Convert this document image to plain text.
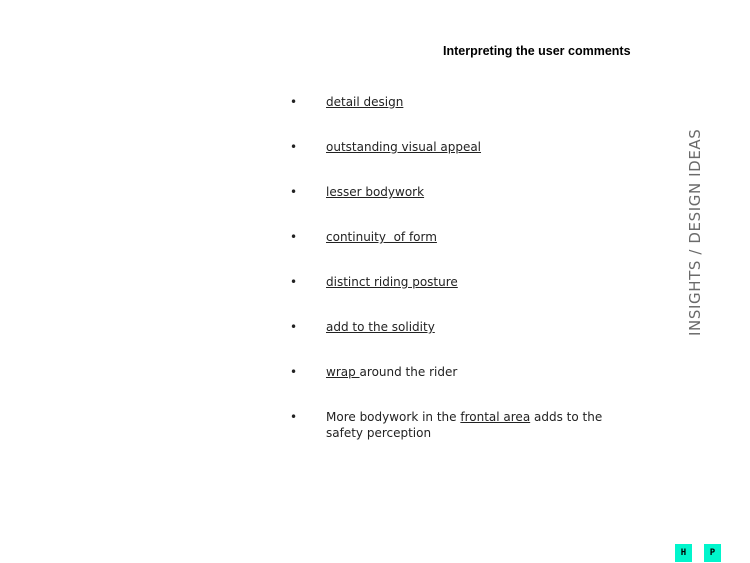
Interpreting the user comments
• detail design
• outstanding visual appeal
• lesser bodywork
• continuity  of form
• distinct riding posture
• add to the solidity
• wrap around the rider
• More bodywork in the frontal area adds to the safety perception
INSIGHTS / DESIGN IDEAS
H	P
